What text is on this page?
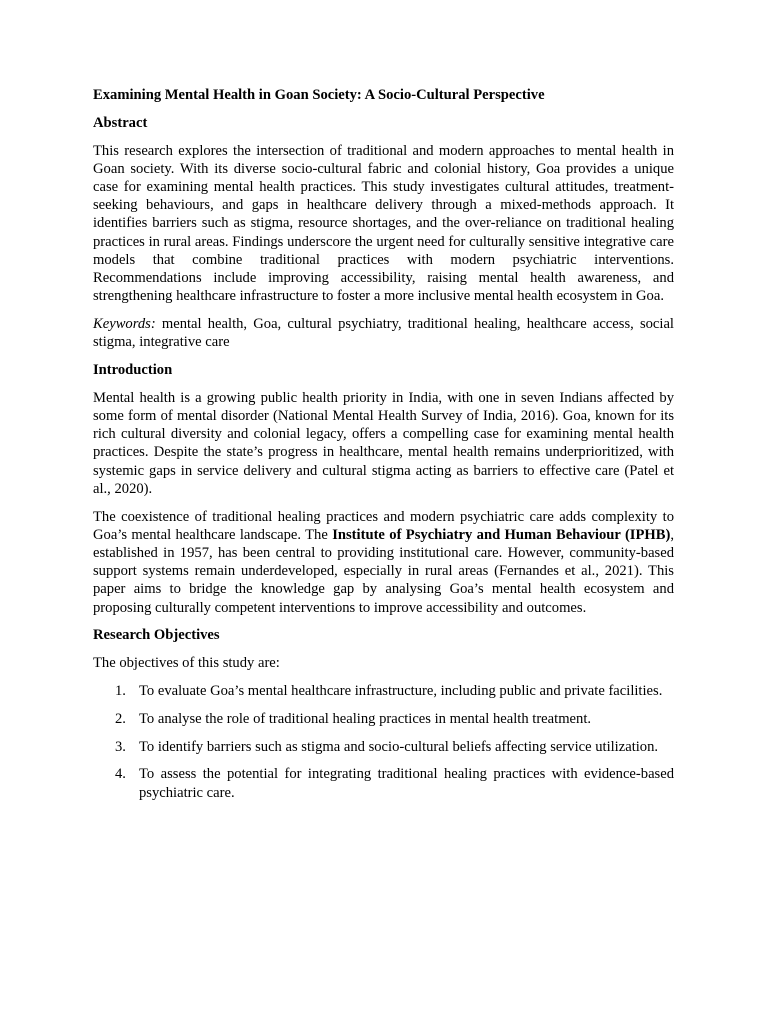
Examining Mental Health in Goan Society: A Socio-Cultural Perspective

Abstract

This research explores the intersection of traditional and modern approaches to mental health in Goan society. With its diverse socio-cultural fabric and colonial history, Goa provides a unique case for examining mental health practices. This study investigates cultural attitudes, treatment-seeking behaviours, and gaps in healthcare delivery through a mixed-methods approach. It identifies barriers such as stigma, resource shortages, and the over-reliance on traditional healing practices in rural areas. Findings underscore the urgent need for culturally sensitive integrative care models that combine traditional practices with modern psychiatric interventions. Recommendations include improving accessibility, raising mental health awareness, and strengthening healthcare infrastructure to foster a more inclusive mental health ecosystem in Goa.

Keywords: mental health, Goa, cultural psychiatry, traditional healing, healthcare access, social stigma, integrative care

Introduction

Mental health is a growing public health priority in India, with one in seven Indians affected by some form of mental disorder (National Mental Health Survey of India, 2016). Goa, known for its rich cultural diversity and colonial legacy, offers a compelling case for examining mental health practices. Despite the state’s progress in healthcare, mental health remains underprioritized, with systemic gaps in service delivery and cultural stigma acting as barriers to effective care (Patel et al., 2020).

The coexistence of traditional healing practices and modern psychiatric care adds complexity to Goa’s mental healthcare landscape. The Institute of Psychiatry and Human Behaviour (IPHB), established in 1957, has been central to providing institutional care. However, community-based support systems remain underdeveloped, especially in rural areas (Fernandes et al., 2021). This paper aims to bridge the knowledge gap by analysing Goa’s mental health ecosystem and proposing culturally competent interventions to improve accessibility and outcomes.

Research Objectives

The objectives of this study are:

1. To evaluate Goa’s mental healthcare infrastructure, including public and private facilities.
2. To analyse the role of traditional healing practices in mental health treatment.
3. To identify barriers such as stigma and socio-cultural beliefs affecting service utilization.
4. To assess the potential for integrating traditional healing practices with evidence-based psychiatric care.
